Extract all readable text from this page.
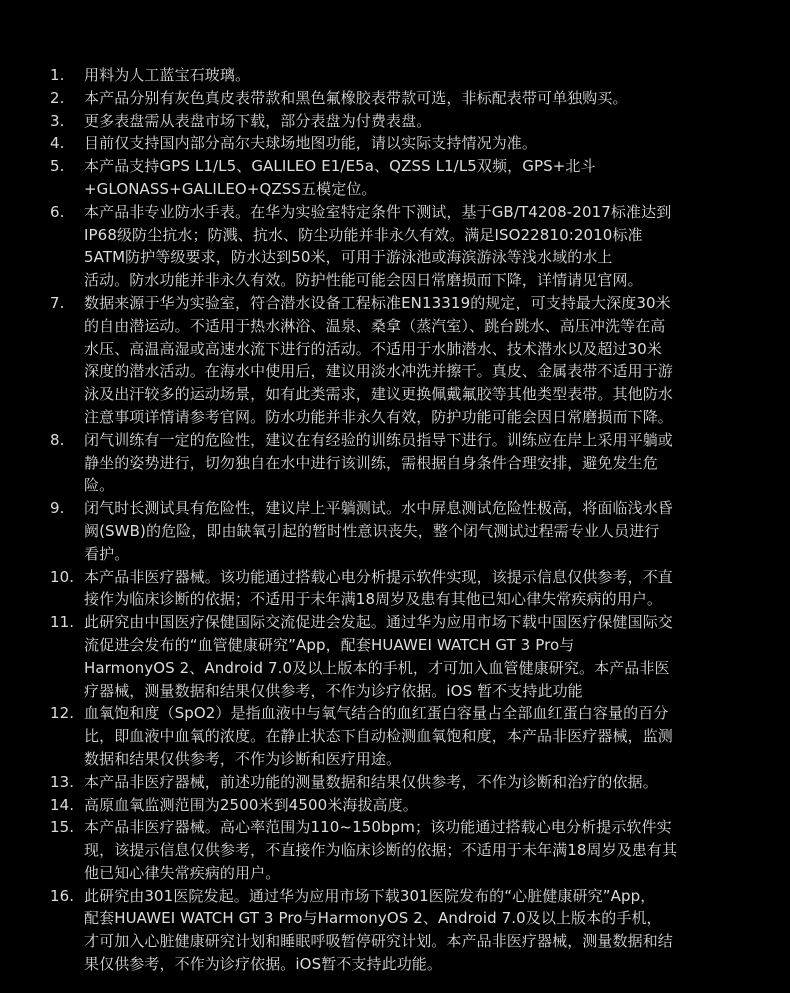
1.	用料为人工蓝宝石玻璃。
2.	本产品分别有灰色真皮表带款和黑色氟橡胶表带款可选，非标配表带可单独购买。
3.	更多表盘需从表盘市场下载，部分表盘为付费表盘。
4.	目前仅支持国内部分高尔夫球场地图功能，请以实际支持情况为准。
5.	本产品支持GPS L1/L5、GALILEO E1/E5a、QZSS L1/L5双频，GPS+北斗
+GLONASS+GALILEO+QZSS五模定位。
6.	本产品非专业防水手表。在华为实验室特定条件下测试，基于GB/T4208-2017标准达到
IP68级防尘抗水；防溅、抗水、防尘功能并非永久有效。满足ISO22810:2010标准
5ATM防护等级要求，防水达到50米，可用于游泳池或海滨游泳等浅水域的水上
活动。防水功能并非永久有效。防护性能可能会因日常磨损而下降，详情请见官网。
7.	数据来源于华为实验室，符合潜水设备工程标准EN13319的规定，可支持最大深度30米
的自由潜运动。不适用于热水淋浴、温泉、桑拿（蒸汽室）、跳台跳水、高压冲洗等在高
水压、高温高湿或高速水流下进行的活动。不适用于水肺潜水、技术潜水以及超过30米
深度的潜水活动。在海水中使用后，建议用淡水冲洗并擦干。真皮、金属表带不适用于游
泳及出汗较多的运动场景，如有此类需求，建议更换佩戴氟胶等其他类型表带。其他防水
注意事项详情请参考官网。防水功能并非永久有效，防护功能可能会因日常磨损而下降。
8.	闭气训练有一定的危险性，建议在有经验的训练员指导下进行。训练应在岸上采用平躺或
静坐的姿势进行，切勿独自在水中进行该训练，需根据自身条件合理安排，避免发生危
险。
9.	闭气时长测试具有危险性，建议岸上平躺测试。水中屏息测试危险性极高，将面临浅水昏
阙(SWB)的危险，即由缺氧引起的暂时性意识丧失，整个闭气测试过程需专业人员进行
看护。
10. 本产品非医疗器械。该功能通过搭载心电分析提示软件实现，该提示信息仅供参考，不直
接作为临床诊断的依据；不适用于未年满18周岁及患有其他已知心律失常疾病的用户。
11. 此研究由中国医疗保健国际交流促进会发起。通过华为应用市场下载中国医疗保健国际交
流促进会发布的“血管健康研究”App，配套HUAWEI WATCH GT 3 Pro与
HarmonyOS 2、Android 7.0及以上版本的手机，才可加入血管健康研究。本产品非医
疗器械，测量数据和结果仅供参考，不作为诊疗依据。iOS 暂不支持此功能
12. 血氧饱和度（SpO2）是指血液中与氧气结合的血红蛋白容量占全部血红蛋白容量的百分
比，即血液中血氧的浓度。在静止状态下自动检测血氧饱和度，本产品非医疗器械，监测
数据和结果仅供参考，不作为诊断和医疗用途。
13. 本产品非医疗器械，前述功能的测量数据和结果仅供参考，不作为诊断和治疗的依据。
14. 高原血氧监测范围为2500米到4500米海拔高度。
15. 本产品非医疗器械。高心率范围为110~150bpm；该功能通过搭载心电分析提示软件实
现，该提示信息仅供参考，不直接作为临床诊断的依据；不适用于未年满18周岁及患有其
他已知心律失常疾病的用户。
16. 此研究由301医院发起。通过华为应用市场下载301医院发布的“心脏健康研究”App，
配套HUAWEI WATCH GT 3 Pro与HarmonyOS 2、Android 7.0及以上版本的手机，
才可加入心脏健康研究计划和睡眠呼吸暂停研究计划。本产品非医疗器械，测量数据和结
果仅供参考，不作为诊疗依据。iOS暂不支持此功能。
